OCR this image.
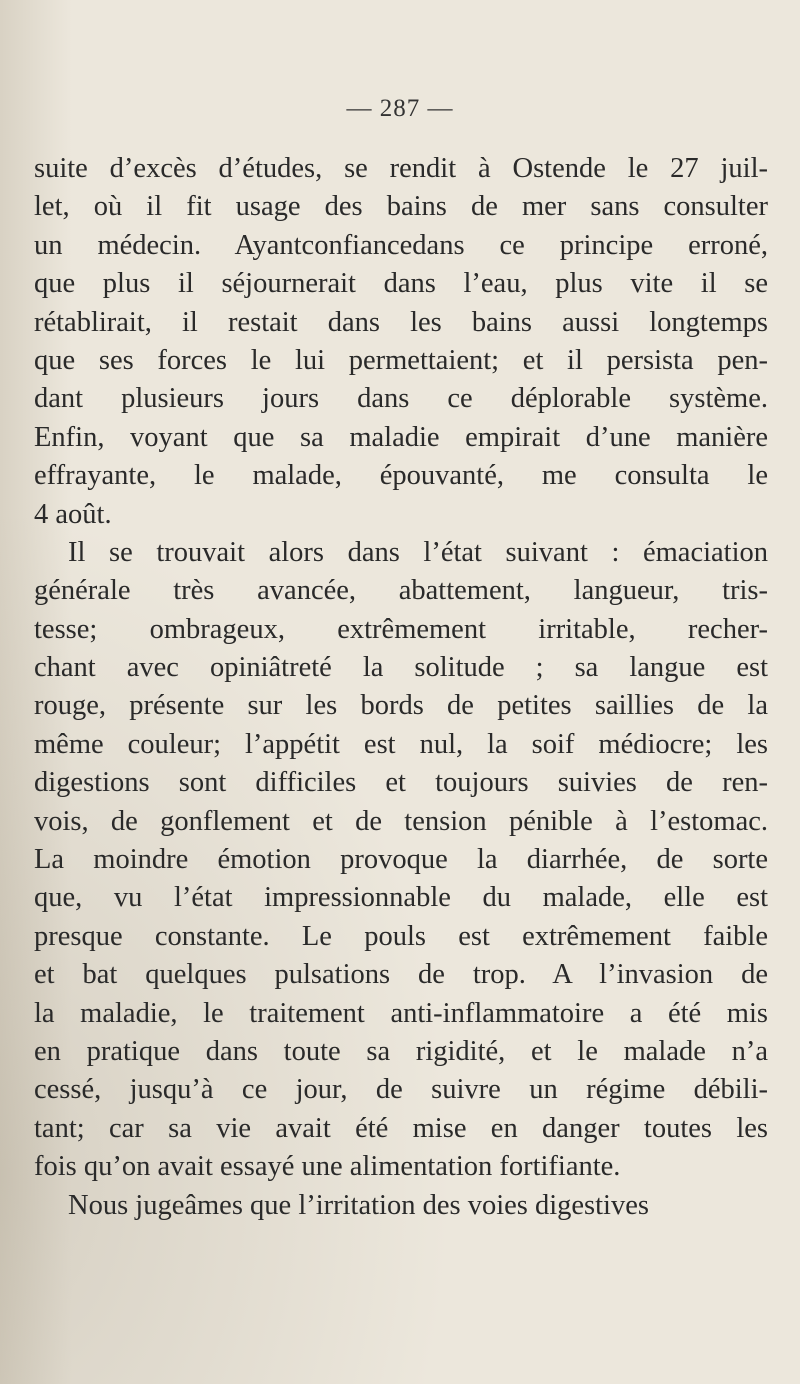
— 287 —
suite d’excès d’études, se rendit à Ostende le 27 juil-
let, où il fit usage des bains de mer sans consulter
un médecin. Ayantconfiancedans ce principe erroné,
que plus il séjournerait dans l’eau, plus vite il se
rétablirait, il restait dans les bains aussi longtemps
que ses forces le lui permettaient; et il persista pen-
dant plusieurs jours dans ce déplorable système.
Enfin, voyant que sa maladie empirait d’une manière
effrayante, le malade, épouvanté, me consulta le
4 août.
Il se trouvait alors dans l’état suivant : émaciation
générale très avancée, abattement, langueur, tris-
tesse; ombrageux, extrêmement irritable, recher-
chant avec opiniâtreté la solitude ; sa langue est
rouge, présente sur les bords de petites saillies de la
même couleur; l’appétit est nul, la soif médiocre; les
digestions sont difficiles et toujours suivies de ren-
vois, de gonflement et de tension pénible à l’estomac.
La moindre émotion provoque la diarrhée, de sorte
que, vu l’état impressionnable du malade, elle est
presque constante. Le pouls est extrêmement faible
et bat quelques pulsations de trop. A l’invasion de
la maladie, le traitement anti-inflammatoire a été mis
en pratique dans toute sa rigidité, et le malade n’a
cessé, jusqu’à ce jour, de suivre un régime débili-
tant; car sa vie avait été mise en danger toutes les
fois qu’on avait essayé une alimentation fortifiante.
Nous jugeâmes que l’irritation des voies digestives
